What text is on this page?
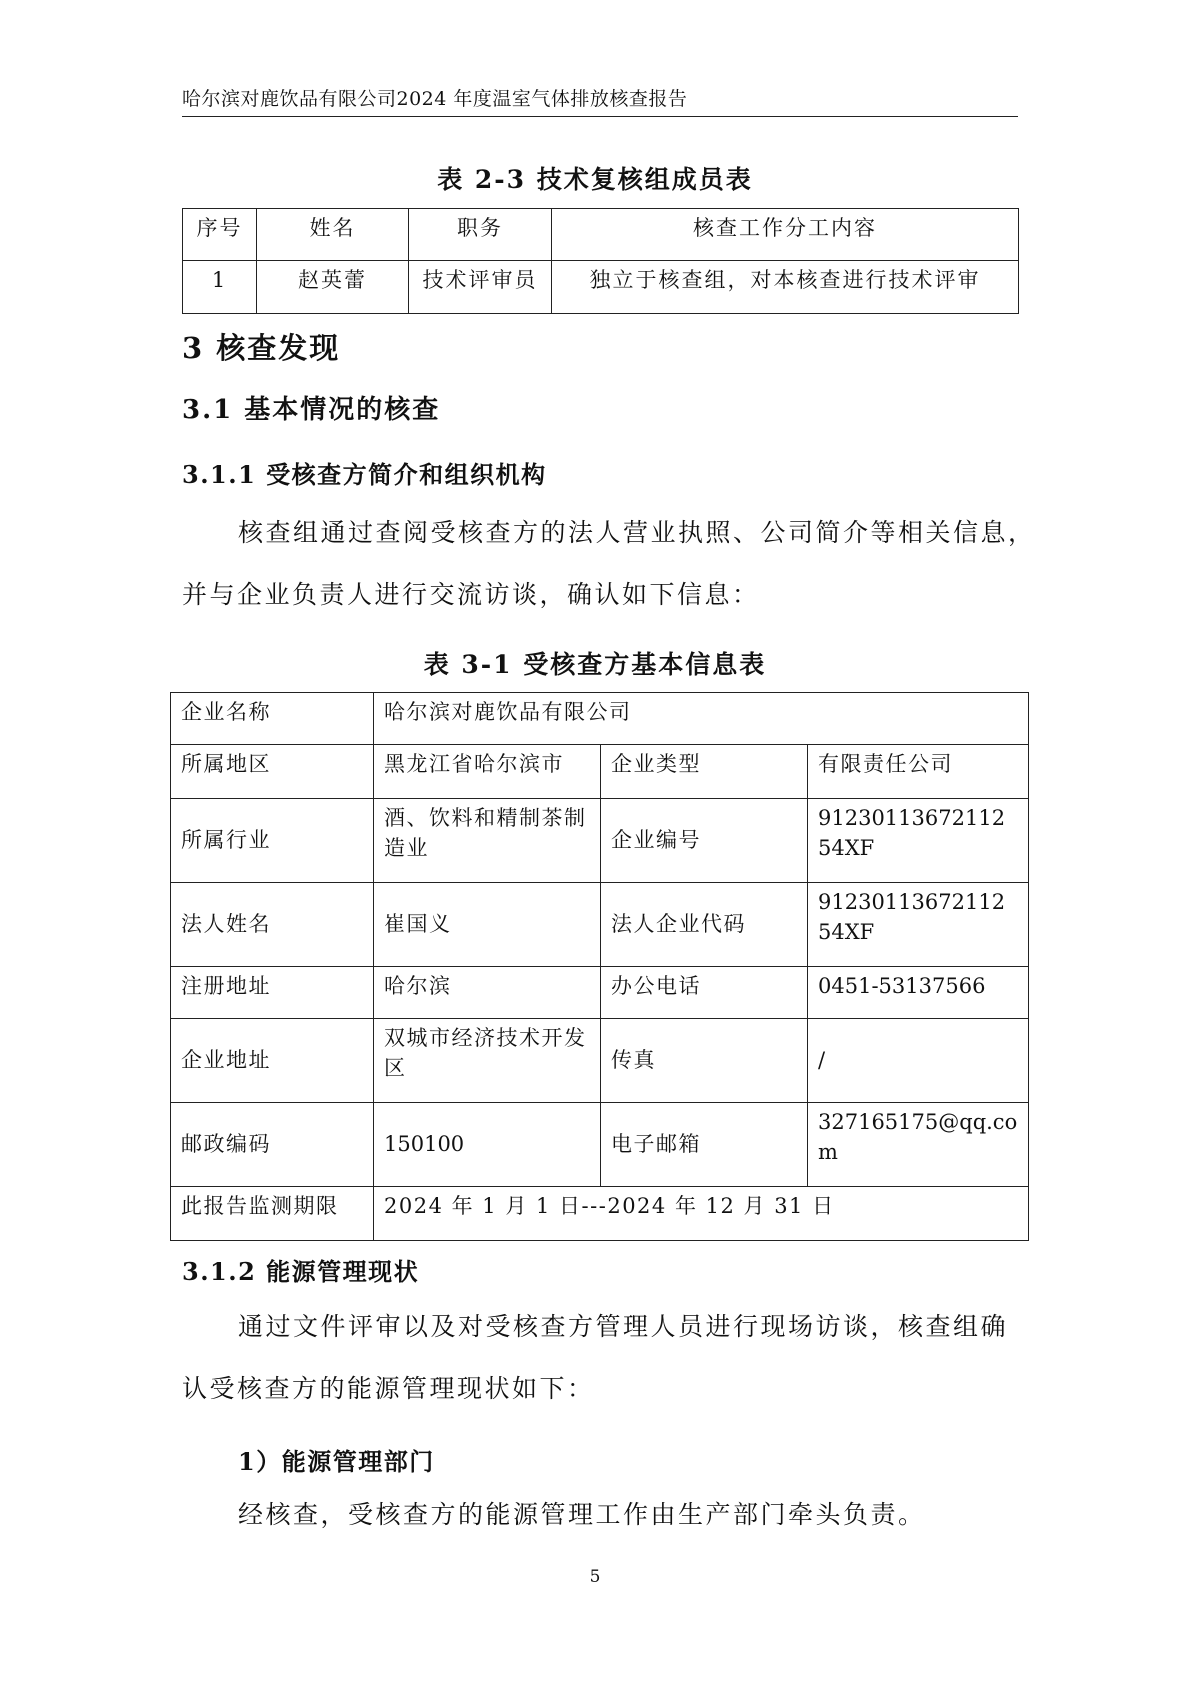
哈尔滨对鹿饮品有限公司2024 年度温室气体排放核查报告
表 2-3 技术复核组成员表
序号	姓名	职务	核查工作分工内容
1	赵英蕾	技术评审员	独立于核查组，对本核查进行技术评审
3 核查发现
3.1 基本情况的核查
3.1.1 受核查方简介和组织机构
核查组通过查阅受核查方的法人营业执照、公司简介等相关信息，
并与企业负责人进行交流访谈，确认如下信息：
表 3-1 受核查方基本信息表
企业名称	哈尔滨对鹿饮品有限公司		
所属地区	黑龙江省哈尔滨市	企业类型	有限责任公司
所属行业	酒、饮料和精制茶制造业	企业编号	9123011367211254XF
法人姓名	崔国义	法人企业代码	9123011367211254XF
注册地址	哈尔滨	办公电话	0451-53137566
企业地址	双城市经济技术开发区	传真	/
邮政编码	150100	电子邮箱	327165175@qq.com
此报告监测期限	2024 年 1 月 1 日---2024 年 12 月 31 日		
3.1.2 能源管理现状
通过文件评审以及对受核查方管理人员进行现场访谈，核查组确
认受核查方的能源管理现状如下：
1）能源管理部门
经核查，受核查方的能源管理工作由生产部门牵头负责。
5
